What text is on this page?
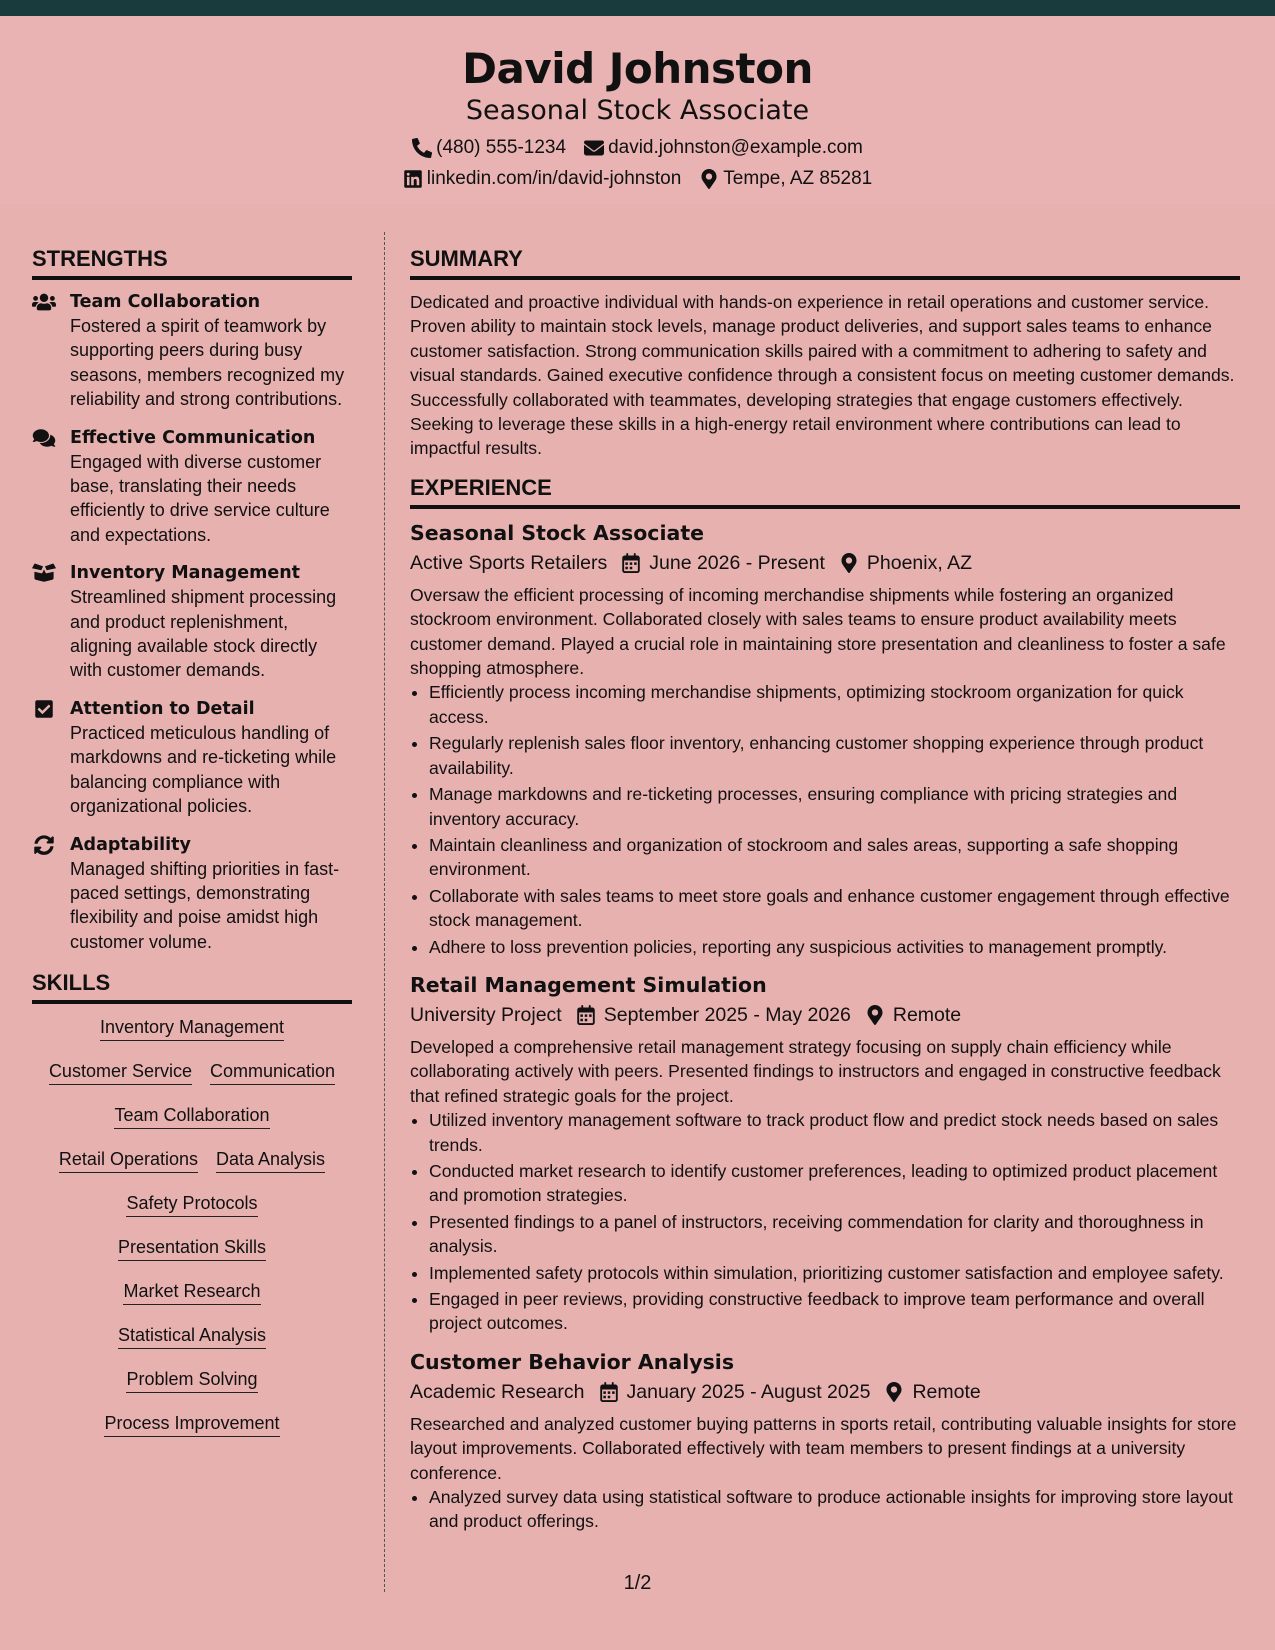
David Johnston
Seasonal Stock Associate
(480) 555-1234 david.johnston@example.com
linkedin.com/in/david-johnston Tempe, AZ 85281
STRENGTHS
Team Collaboration
Fostered a spirit of teamwork by supporting peers during busy seasons, members recognized my reliability and strong contributions.
Effective Communication
Engaged with diverse customer base, translating their needs efficiently to drive service culture and expectations.
Inventory Management
Streamlined shipment processing and product replenishment, aligning available stock directly with customer demands.
Attention to Detail
Practiced meticulous handling of markdowns and re-ticketing while balancing compliance with organizational policies.
Adaptability
Managed shifting priorities in fast-paced settings, demonstrating flexibility and poise amidst high customer volume.
SKILLS
Inventory Management
Customer Service Communication
Team Collaboration
Retail Operations Data Analysis
Safety Protocols
Presentation Skills
Market Research
Statistical Analysis
Problem Solving
Process Improvement
SUMMARY
Dedicated and proactive individual with hands-on experience in retail operations and customer service. Proven ability to maintain stock levels, manage product deliveries, and support sales teams to enhance customer satisfaction. Strong communication skills paired with a commitment to adhering to safety and visual standards. Gained executive confidence through a consistent focus on meeting customer demands. Successfully collaborated with teammates, developing strategies that engage customers effectively. Seeking to leverage these skills in a high-energy retail environment where contributions can lead to impactful results.
EXPERIENCE
Seasonal Stock Associate
Active Sports Retailers June 2026 - Present Phoenix, AZ
Oversaw the efficient processing of incoming merchandise shipments while fostering an organized stockroom environment. Collaborated closely with sales teams to ensure product availability meets customer demand. Played a crucial role in maintaining store presentation and cleanliness to foster a safe shopping atmosphere.
• Efficiently process incoming merchandise shipments, optimizing stockroom organization for quick access.
• Regularly replenish sales floor inventory, enhancing customer shopping experience through product availability.
• Manage markdowns and re-ticketing processes, ensuring compliance with pricing strategies and inventory accuracy.
• Maintain cleanliness and organization of stockroom and sales areas, supporting a safe shopping environment.
• Collaborate with sales teams to meet store goals and enhance customer engagement through effective stock management.
• Adhere to loss prevention policies, reporting any suspicious activities to management promptly.
Retail Management Simulation
University Project September 2025 - May 2026 Remote
Developed a comprehensive retail management strategy focusing on supply chain efficiency while collaborating actively with peers. Presented findings to instructors and engaged in constructive feedback that refined strategic goals for the project.
• Utilized inventory management software to track product flow and predict stock needs based on sales trends.
• Conducted market research to identify customer preferences, leading to optimized product placement and promotion strategies.
• Presented findings to a panel of instructors, receiving commendation for clarity and thoroughness in analysis.
• Implemented safety protocols within simulation, prioritizing customer satisfaction and employee safety.
• Engaged in peer reviews, providing constructive feedback to improve team performance and overall project outcomes.
Customer Behavior Analysis
Academic Research January 2025 - August 2025 Remote
Researched and analyzed customer buying patterns in sports retail, contributing valuable insights for store layout improvements. Collaborated effectively with team members to present findings at a university conference.
• Analyzed survey data using statistical software to produce actionable insights for improving store layout and product offerings.
1/2
